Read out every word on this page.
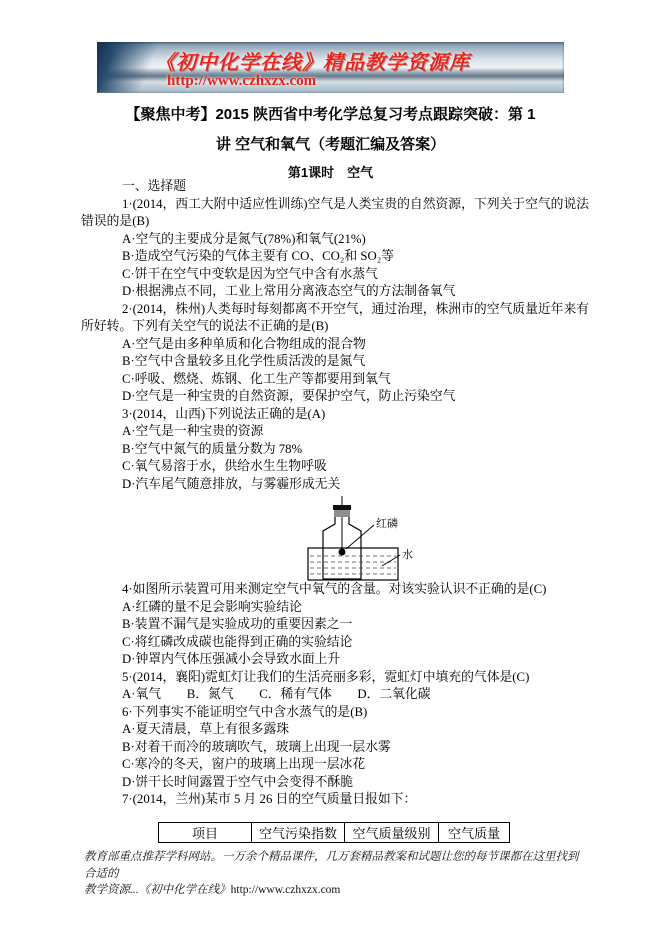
《初中化学在线》精品教学资源库
http://www.czhxzx.com
【聚焦中考】2015 陕西省中考化学总复习考点跟踪突破：第 1
讲 空气和氧气（考题汇编及答案）
第1课时　空气
一、选择题
1·(2014，西工大附中适应性训练)空气是人类宝贵的自然资源，下列关于空气的说法
错误的是(B)
A·空气的主要成分是氮气(78%)和氧气(21%)
B·造成空气污染的气体主要有 CO、CO₂和 SO₂等
C·饼干在空气中变软是因为空气中含有水蒸气
D·根据沸点不同，工业上常用分离液态空气的方法制备氧气
2·(2014，株州)人类每时每刻都离不开空气，通过治理，株洲市的空气质量近年来有
所好转。下列有关空气的说法不正确的是(B)
A·空气是由多种单质和化合物组成的混合物
B·空气中含量较多且化学性质活泼的是氮气
C·呼吸、燃烧、炼钢、化工生产等都要用到氧气
D·空气是一种宝贵的自然资源，要保护空气，防止污染空气
3·(2014，山西)下列说法正确的是(A)
A·空气是一种宝贵的资源
B·空气中氮气的质量分数为 78%
C·氧气易溶于水，供给水生生物呼吸
D·汽车尾气随意排放，与雾霾形成无关
红磷
水
4·如图所示装置可用来测定空气中氧气的含量。对该实验认识不正确的是(C)
A·红磷的量不足会影响实验结论
B·装置不漏气是实验成功的重要因素之一
C·将红磷改成碳也能得到正确的实验结论
D·钟罩内气体压强减小会导致水面上升
5·(2014，襄阳)霓虹灯让我们的生活亮丽多彩，霓虹灯中填充的气体是(C)
A·氧气　　B．氮气　　C．稀有气体　　D．二氧化碳
6·下列事实不能证明空气中含水蒸气的是(B)
A·夏天清晨，草上有很多露珠
B·对着干而冷的玻璃吹气，玻璃上出现一层水雾
C·寒冷的冬天，窗户的玻璃上出现一层冰花
D·饼干长时间露置于空气中会变得不酥脆
7·(2014，兰州)某市 5 月 26 日的空气质量日报如下：
项目	空气污染指数	空气质量级别	空气质量
教育部重点推荐学科网站。一万余个精品课件，几万套精品教案和试题让您的每节课都在这里找到合适的
教学资源...《初中化学在线》http://www.czhxzx.com
